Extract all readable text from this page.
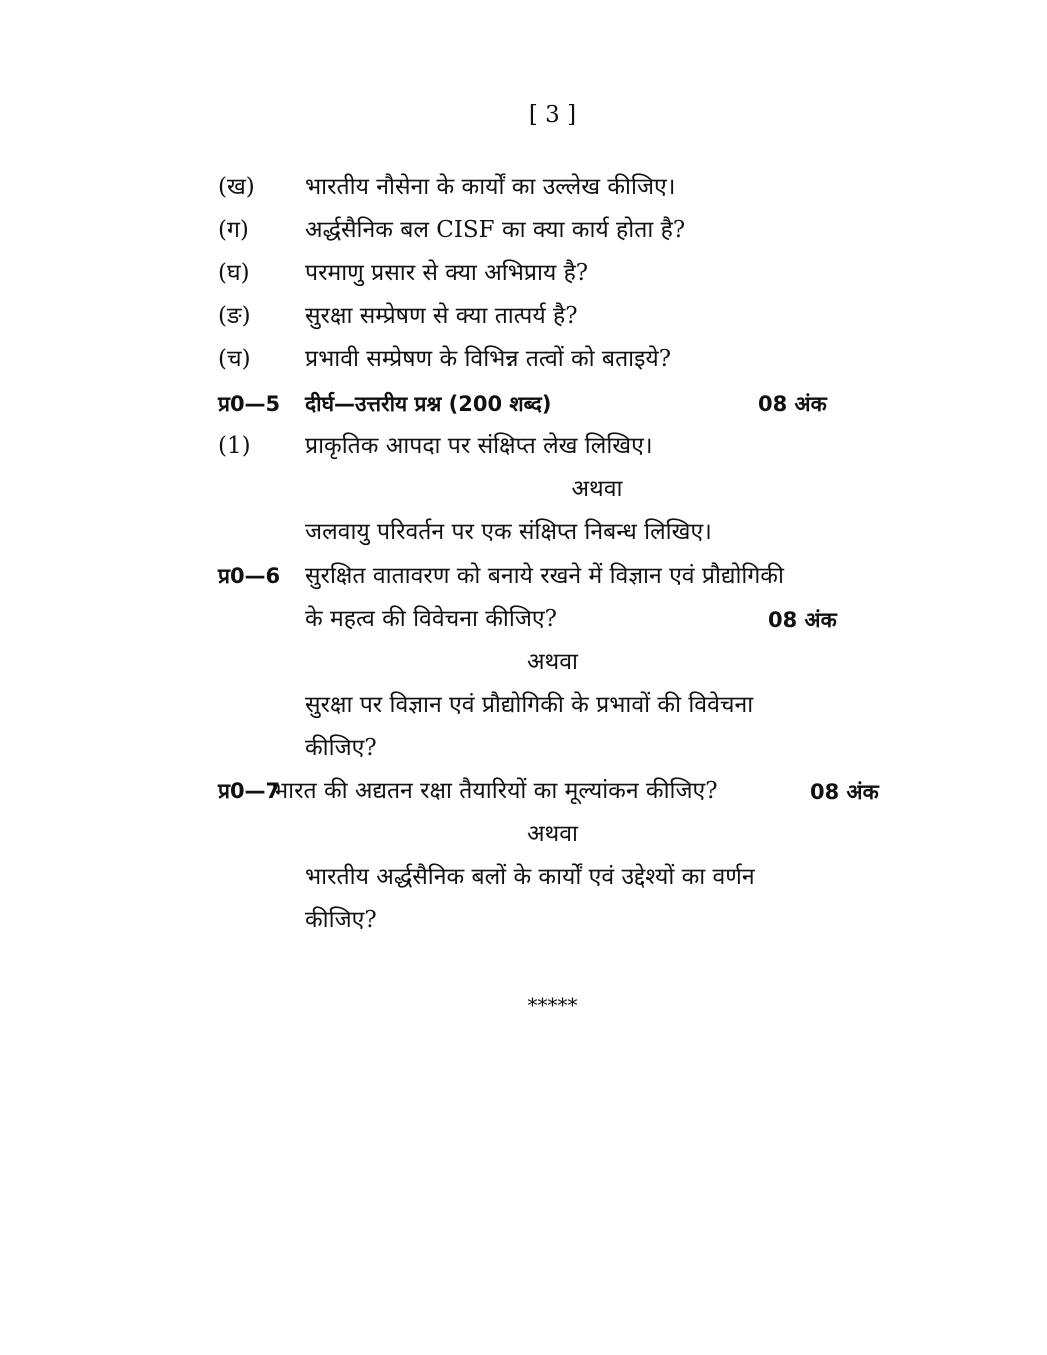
[ 3 ]
(ख) भारतीय नौसेना के कार्यों का उल्लेख कीजिए।
(ग) अर्द्धसैनिक बल CISF का क्या कार्य होता है?
(घ) परमाणु प्रसार से क्या अभिप्राय है?
(ङ) सुरक्षा सम्प्रेषण से क्या तात्पर्य है?
(च) प्रभावी सम्प्रेषण के विभिन्न तत्वों को बताइये?
प्र0—5 दीर्घ—उत्तरीय प्रश्न (200 शब्द)	08 अंक
(1) प्राकृतिक आपदा पर संक्षिप्त लेख लिखिए।
अथवा
जलवायु परिवर्तन पर एक संक्षिप्त निबन्ध लिखिए।
प्र0—6 सुरक्षित वातावरण को बनाये रखने में विज्ञान एवं प्रौद्योगिकी
के महत्व की विवेचना कीजिए?	08 अंक
अथवा
सुरक्षा पर विज्ञान एवं प्रौद्योगिकी के प्रभावों की विवेचना
कीजिए?
प्र0—7
भारत की अद्यतन रक्षा तैयारियों का मूल्यांकन कीजिए?	08 अंक
अथवा
भारतीय अर्द्धसैनिक बलों के कार्यों एवं उद्देश्यों का वर्णन
कीजिए?
*****
